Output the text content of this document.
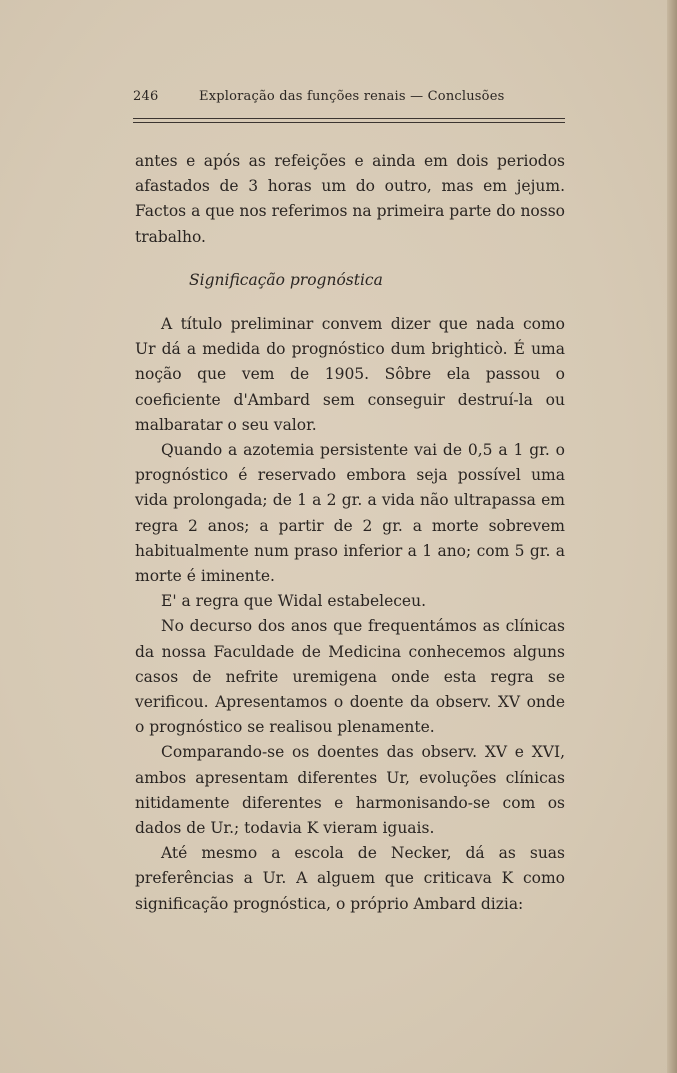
246	Exploração das funções renais — Conclusões

antes e após as refeições e ainda em dois periodos afastados de 3 horas um do outro, mas em jejum. Factos a que nos referimos na primeira parte do nosso trabalho.

Significação prognóstica

A título preliminar convem dizer que nada como Ur dá a medida do prognóstico dum brighticò. É uma noção que vem de 1905. Sôbre ela passou o coeficiente d'Ambard sem conseguir destruí-la ou malbaratar o seu valor.

Quando a azotemia persistente vai de 0,5 a 1 gr. o prognóstico é reservado embora seja possível uma vida prolongada; de 1 a 2 gr. a vida não ultrapassa em regra 2 anos; a partir de 2 gr. a morte sobrevem habitualmente num praso inferior a 1 ano; com 5 gr. a morte é iminente.

E' a regra que Widal estabeleceu.

No decurso dos anos que frequentámos as clínicas da nossa Faculdade de Medicina conhecemos alguns casos de nefrite uremigena onde esta regra se verificou. Apresentamos o doente da observ. XV onde o prognóstico se realisou plenamente.

Comparando-se os doentes das observ. XV e XVI, ambos apresentam diferentes Ur, evoluções clínicas nitidamente diferentes e harmonisando-se com os dados de Ur.; todavia K vieram iguais.

Até mesmo a escola de Necker, dá as suas preferências a Ur. A alguem que criticava K como significação prognóstica, o próprio Ambard dizia:
